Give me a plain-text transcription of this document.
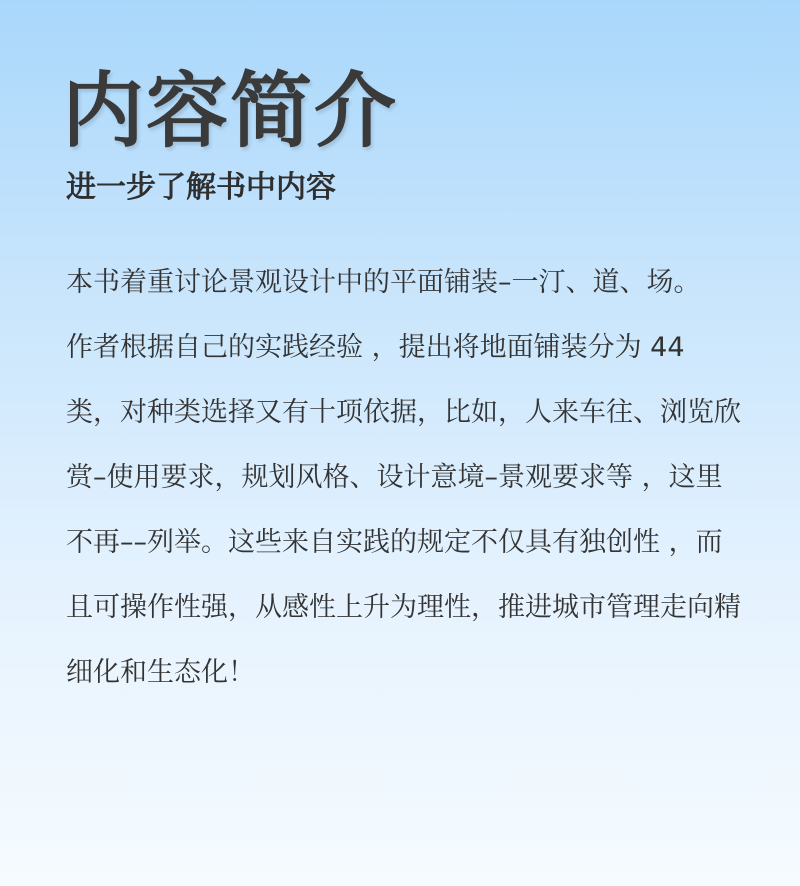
内容简介
进一步了解书中内容

本书着重讨论景观设计中的平面铺装–一汀、道、场。

作者根据自己的实践经验 ，提出将地面铺装分为 44 类，对种类选择又有十项依据，比如，人来车往、浏览欣赏–使用要求，规划风格、设计意境–景观要求等 ，这里不再––列举。这些来自实践的规定不仅具有独创性 ，而且可操作性强，从感性上升为理性，推进城市管理走向精细化和生态化！
